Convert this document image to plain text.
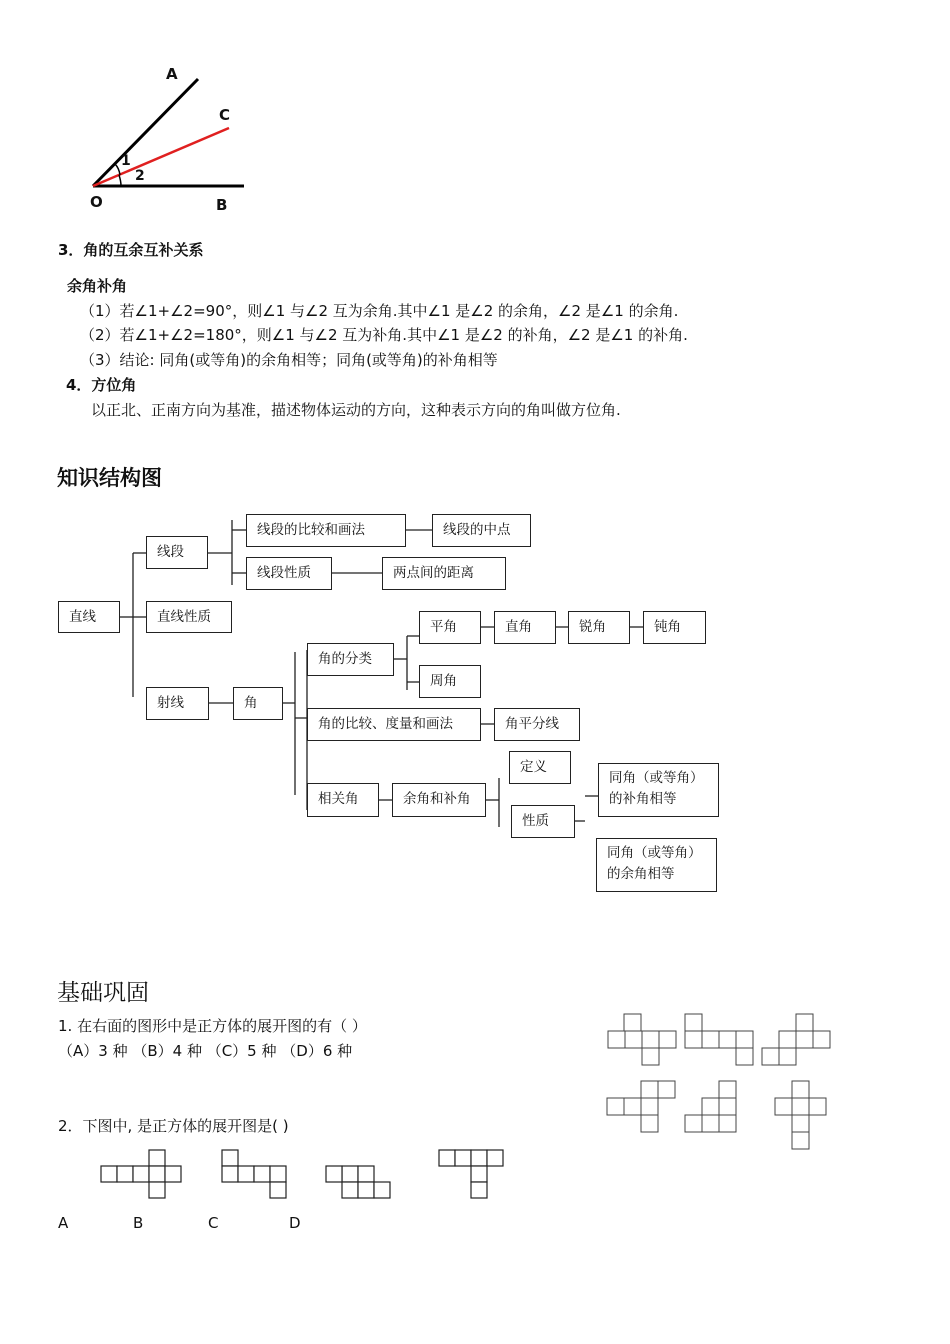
A
C
1
2
O	B
3．角的互余互补关系
余角补角
（1）若∠1+∠2=90°，则∠1 与∠2 互为余角.其中∠1 是∠2 的余角，∠2 是∠1 的余角.
（2）若∠1+∠2=180°，则∠1 与∠2 互为补角.其中∠1 是∠2 的补角，∠2 是∠1 的补角.
（3）结论: 同角(或等角)的余角相等；同角(或等角)的补角相等
4．方位角
以正北、正南方向为基准，描述物体运动的方向，这种表示方向的角叫做方位角.
知识结构图
直线
线段
直线性质
射线
线段的比较和画法	线段的中点
线段性质	两点间的距离
角
角的分类
平角	直角	锐角	钝角
周角
角的比较、度量和画法	角平分线
相关角	余角和补角
定义
性质
同角（或等角）的补角相等
同角（或等角）的余角相等
基础巩固
1. 在右面的图形中是正方体的展开图的有（ ）
（A）3 种 （B）4 种 （C）5 种 （D）6 种
2．下图中, 是正方体的展开图是( )
A	B	C	D
